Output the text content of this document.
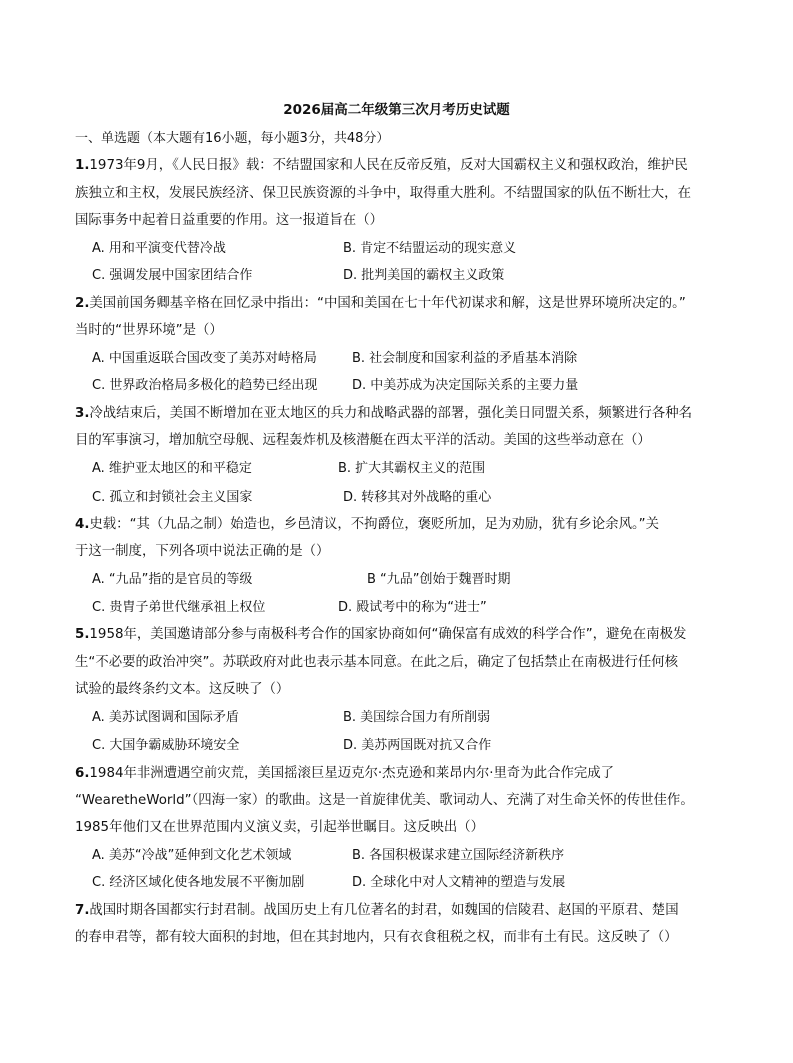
2026届高二年级第三次月考历史试题
一、单选题（本大题有16小题，每小题3分，共48分）
1.1973年9月，《人民日报》载：不结盟国家和人民在反帝反殖，反对大国霸权主义和强权政治，维护民
族独立和主权，发展民族经济、保卫民族资源的斗争中，取得重大胜利。不结盟国家的队伍不断壮大，在
国际事务中起着日益重要的作用。这一报道旨在（）
A. 用和平演变代替冷战	B. 肯定不结盟运动的现实意义
C. 强调发展中国家团结合作	D. 批判美国的霸权主义政策
2.美国前国务卿基辛格在回忆录中指出：“中国和美国在七十年代初谋求和解，这是世界环境所决定的。”
当时的“世界环境”是（）
A. 中国重返联合国改变了美苏对峙格局	B. 社会制度和国家利益的矛盾基本消除
C. 世界政治格局多极化的趋势已经出现	D. 中美苏成为决定国际关系的主要力量
3.冷战结束后，美国不断增加在亚太地区的兵力和战略武器的部署，强化美日同盟关系，频繁进行各种名
目的军事演习，增加航空母舰、远程轰炸机及核潜艇在西太平洋的活动。美国的这些举动意在（）
A. 维护亚太地区的和平稳定	B. 扩大其霸权主义的范围
C. 孤立和封锁社会主义国家	D. 转移其对外战略的重心
4.史载：“其（九品之制）始造也，乡邑清议，不拘爵位，褒贬所加，足为劝励，犹有乡论余风。”关
于这一制度，下列各项中说法正确的是（）
A. “九品”指的是官员的等级	B “九品”创始于魏晋时期
C. 贵胄子弟世代继承祖上权位	D. 殿试考中的称为“进士”
5.1958年，美国邀请部分参与南极科考合作的国家协商如何“确保富有成效的科学合作”，避免在南极发
生“不必要的政治冲突”。苏联政府对此也表示基本同意。在此之后，确定了包括禁止在南极进行任何核
试验的最终条约文本。这反映了（）
A. 美苏试图调和国际矛盾	B. 美国综合国力有所削弱
C. 大国争霸威胁环境安全	D. 美苏两国既对抗又合作
6.1984年非洲遭遇空前灾荒，美国摇滚巨星迈克尔·杰克逊和莱昂内尔·里奇为此合作完成了
“WearetheWorld”（四海一家）的歌曲。这是一首旋律优美、歌词动人、充满了对生命关怀的传世佳作。
1985年他们又在世界范围内义演义卖，引起举世瞩目。这反映出（）
A. 美苏“冷战”延伸到文化艺术领域	B. 各国积极谋求建立国际经济新秩序
C. 经济区域化使各地发展不平衡加剧	D. 全球化中对人文精神的塑造与发展
7.战国时期各国都实行封君制。战国历史上有几位著名的封君，如魏国的信陵君、赵国的平原君、楚国
的春申君等，都有较大面积的封地，但在其封地内，只有衣食租税之权，而非有土有民。这反映了（）
